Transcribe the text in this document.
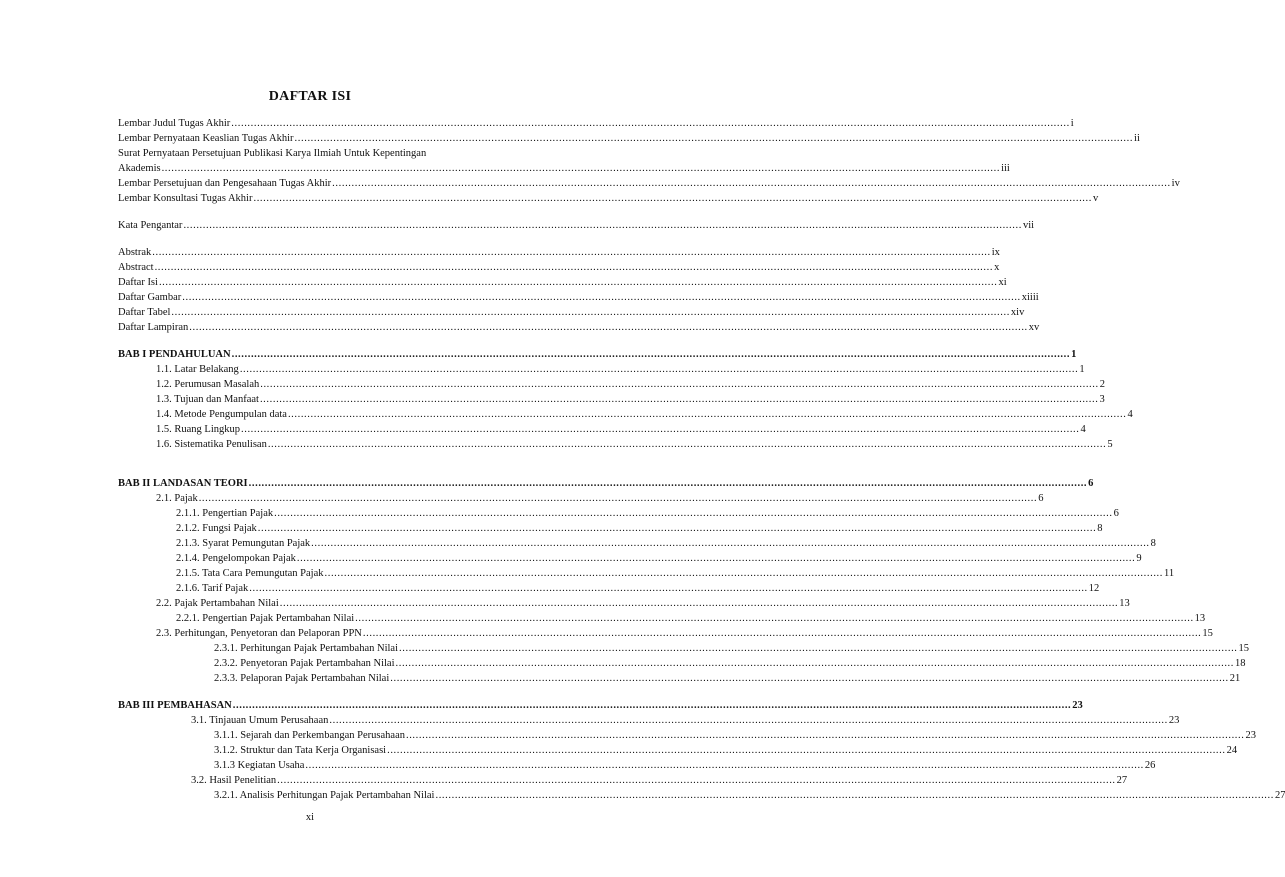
DAFTAR ISI
Lembar Judul Tugas Akhir .................................................................................................................................................................................................................................................................... i
Lembar Pernyataan Keaslian Tugas Akhir .................................................................................................................................................................................................................................................................... ii
Surat Pernyataan Persetujuan Publikasi Karya Ilmiah Untuk Kepentingan
Akademis .................................................................................................................................................................................................................................................................... iii
Lembar Persetujuan dan Pengesahaan Tugas Akhir .................................................................................................................................................................................................................................................................... iv
Lembar Konsultasi Tugas Akhir .................................................................................................................................................................................................................................................................... v
Kata Pengantar .................................................................................................................................................................................................................................................................... vii
Abstrak .................................................................................................................................................................................................................................................................... ix
Abstract .................................................................................................................................................................................................................................................................... x
Daftar Isi .................................................................................................................................................................................................................................................................... xi
Daftar Gambar .................................................................................................................................................................................................................................................................... xiiii
Daftar Tabel .................................................................................................................................................................................................................................................................... xiv
Daftar Lampiran .................................................................................................................................................................................................................................................................... xv
BAB I PENDAHULUAN .................................................................................................................................................................................................................................................................... 1
1.1. Latar Belakang .................................................................................................................................................................................................................................................................... 1
1.2. Perumusan Masalah .................................................................................................................................................................................................................................................................... 2
1.3. Tujuan dan Manfaat .................................................................................................................................................................................................................................................................... 3
1.4. Metode Pengumpulan data .................................................................................................................................................................................................................................................................... 4
1.5. Ruang Lingkup .................................................................................................................................................................................................................................................................... 4
1.6. Sistematika Penulisan .................................................................................................................................................................................................................................................................... 5
BAB II LANDASAN TEORI .................................................................................................................................................................................................................................................................... 6
2.1. Pajak .................................................................................................................................................................................................................................................................... 6
2.1.1. Pengertian Pajak .................................................................................................................................................................................................................................................................... 6
2.1.2. Fungsi Pajak .................................................................................................................................................................................................................................................................... 8
2.1.3. Syarat Pemungutan Pajak .................................................................................................................................................................................................................................................................... 8
2.1.4. Pengelompokan Pajak .................................................................................................................................................................................................................................................................... 9
2.1.5. Tata Cara Pemungutan Pajak .................................................................................................................................................................................................................................................................... 11
2.1.6. Tarif Pajak .................................................................................................................................................................................................................................................................... 12
2.2. Pajak Pertambahan Nilai .................................................................................................................................................................................................................................................................... 13
2.2.1. Pengertian Pajak Pertambahan Nilai .................................................................................................................................................................................................................................................................... 13
2.3. Perhitungan, Penyetoran dan Pelaporan PPN .................................................................................................................................................................................................................................................................... 15
2.3.1. Perhitungan Pajak Pertambahan Nilai .................................................................................................................................................................................................................................................................... 15
2.3.2. Penyetoran Pajak Pertambahan Nilai .................................................................................................................................................................................................................................................................... 18
2.3.3. Pelaporan Pajak Pertambahan Nilai .................................................................................................................................................................................................................................................................... 21
BAB III PEMBAHASAN .................................................................................................................................................................................................................................................................... 23
3.1. Tinjauan Umum Perusahaan .................................................................................................................................................................................................................................................................... 23
3.1.1. Sejarah dan Perkembangan Perusahaan .................................................................................................................................................................................................................................................................... 23
3.1.2. Struktur dan Tata Kerja Organisasi .................................................................................................................................................................................................................................................................... 24
3.1.3 Kegiatan Usaha .................................................................................................................................................................................................................................................................... 26
3.2. Hasil Penelitian .................................................................................................................................................................................................................................................................... 27
3.2.1. Analisis Perhitungan Pajak Pertambahan Nilai .................................................................................................................................................................................................................................................................... 27
xi
